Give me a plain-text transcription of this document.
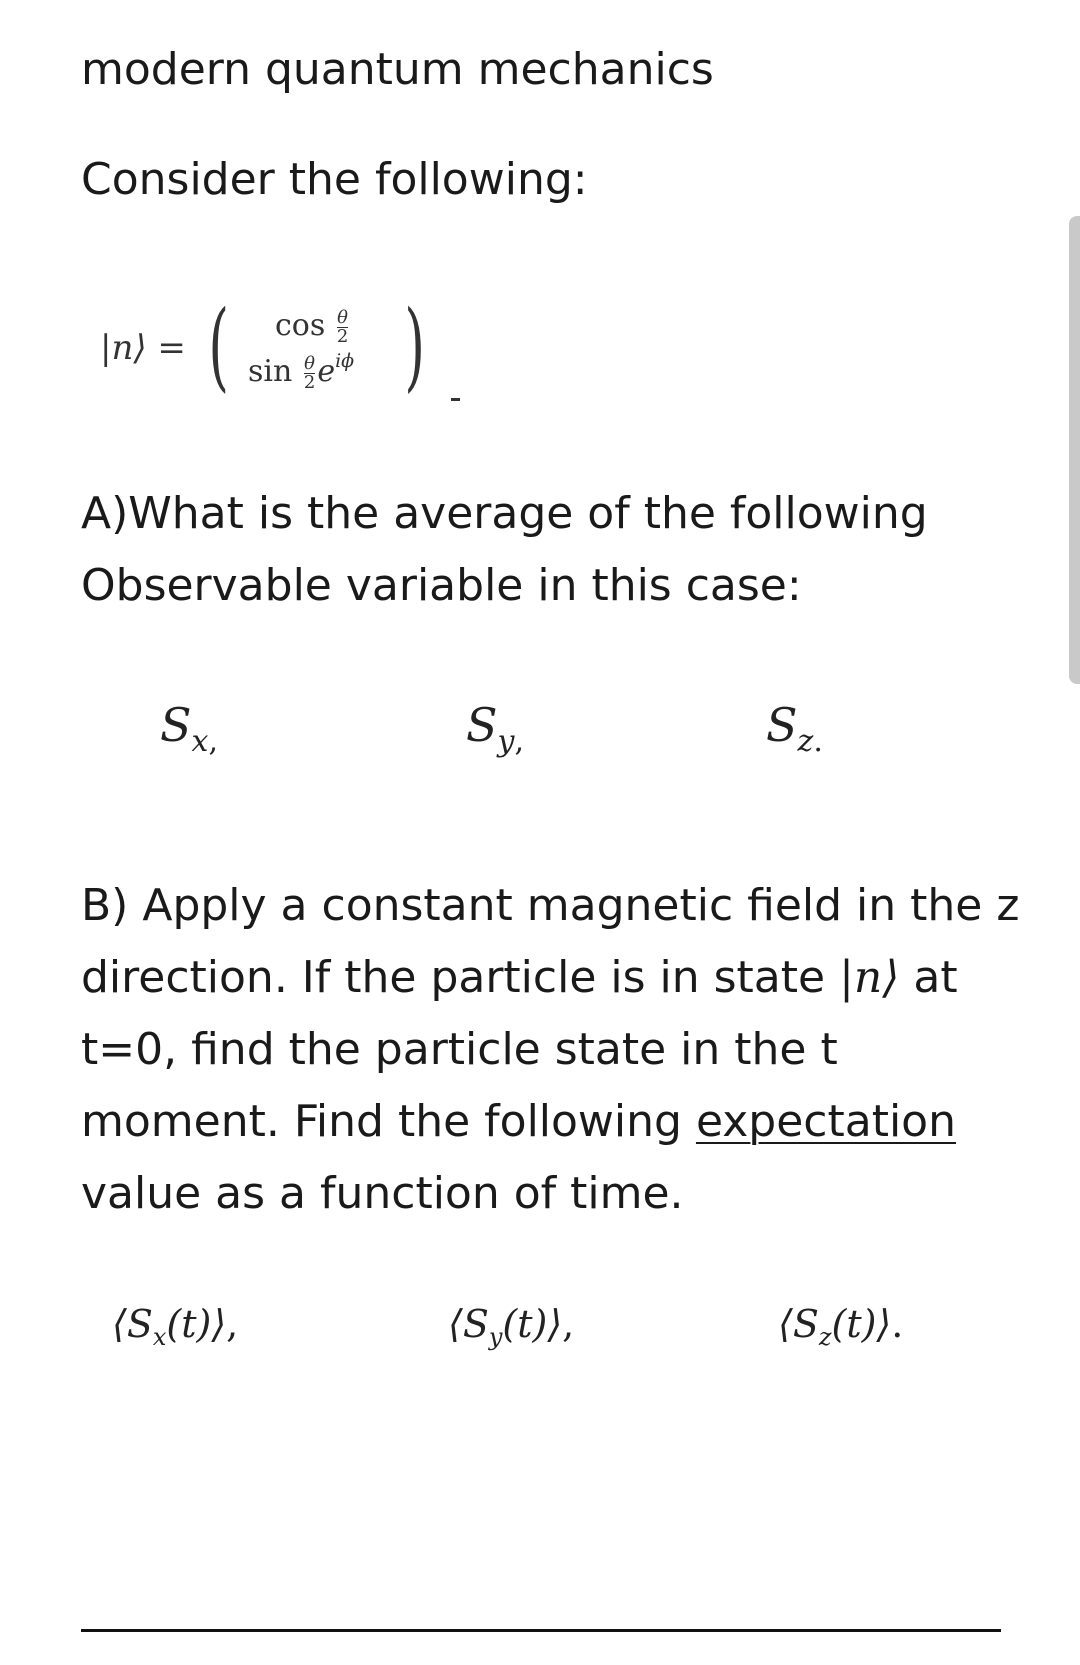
modern quantum mechanics
Consider the following:
|n⟩ = ( $\cos \frac{\theta}{2}$
$\sin \frac{\theta}{2} e^{i\phi}$ )
A)What is the average of the following Observable variable in this case:
$S_{x,}$	$S_{y,}$	$S_{z.}$
B) Apply a constant magnetic field in the z direction. If the particle is in state |n⟩ at t=0, find the particle state in the t moment. Find the following expectation value as a function of time.
$⟨S_x(t)⟩$,	$⟨S_y(t)⟩$,	$⟨S_z(t)⟩$.
